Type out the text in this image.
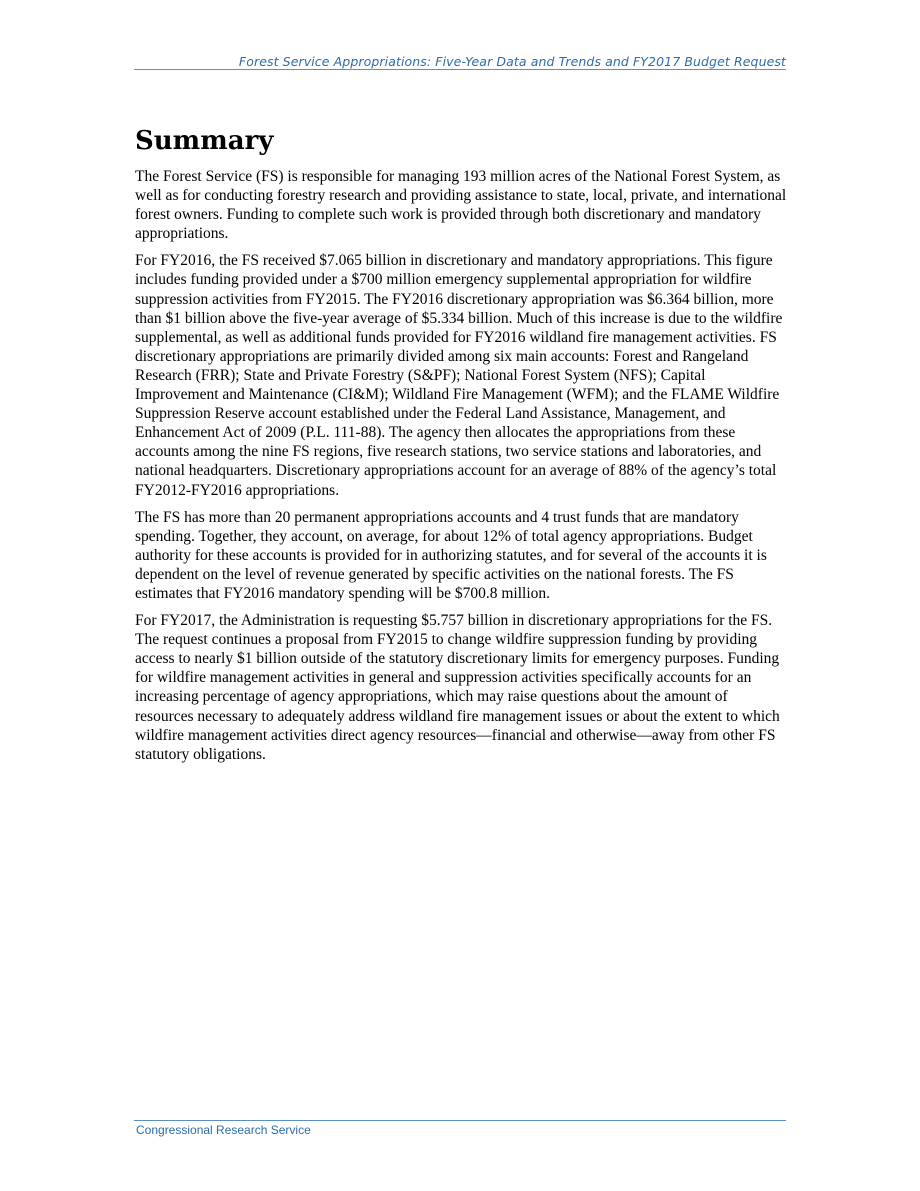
Forest Service Appropriations: Five-Year Data and Trends and FY2017 Budget Request
Summary

The Forest Service (FS) is responsible for managing 193 million acres of the National Forest System, as well as for conducting forestry research and providing assistance to state, local, private, and international forest owners. Funding to complete such work is provided through both discretionary and mandatory appropriations.

For FY2016, the FS received $7.065 billion in discretionary and mandatory appropriations. This figure includes funding provided under a $700 million emergency supplemental appropriation for wildfire suppression activities from FY2015. The FY2016 discretionary appropriation was $6.364 billion, more than $1 billion above the five-year average of $5.334 billion. Much of this increase is due to the wildfire supplemental, as well as additional funds provided for FY2016 wildland fire management activities. FS discretionary appropriations are primarily divided among six main accounts: Forest and Rangeland Research (FRR); State and Private Forestry (S&PF); National Forest System (NFS); Capital Improvement and Maintenance (CI&M); Wildland Fire Management (WFM); and the FLAME Wildfire Suppression Reserve account established under the Federal Land Assistance, Management, and Enhancement Act of 2009 (P.L. 111-88). The agency then allocates the appropriations from these accounts among the nine FS regions, five research stations, two service stations and laboratories, and national headquarters. Discretionary appropriations account for an average of 88% of the agency’s total FY2012-FY2016 appropriations.

The FS has more than 20 permanent appropriations accounts and 4 trust funds that are mandatory spending. Together, they account, on average, for about 12% of total agency appropriations. Budget authority for these accounts is provided for in authorizing statutes, and for several of the accounts it is dependent on the level of revenue generated by specific activities on the national forests. The FS estimates that FY2016 mandatory spending will be $700.8 million.

For FY2017, the Administration is requesting $5.757 billion in discretionary appropriations for the FS. The request continues a proposal from FY2015 to change wildfire suppression funding by providing access to nearly $1 billion outside of the statutory discretionary limits for emergency purposes. Funding for wildfire management activities in general and suppression activities specifically accounts for an increasing percentage of agency appropriations, which may raise questions about the amount of resources necessary to adequately address wildland fire management issues or about the extent to which wildfire management activities direct agency resources—financial and otherwise—away from other FS statutory obligations.

Congressional Research Service
